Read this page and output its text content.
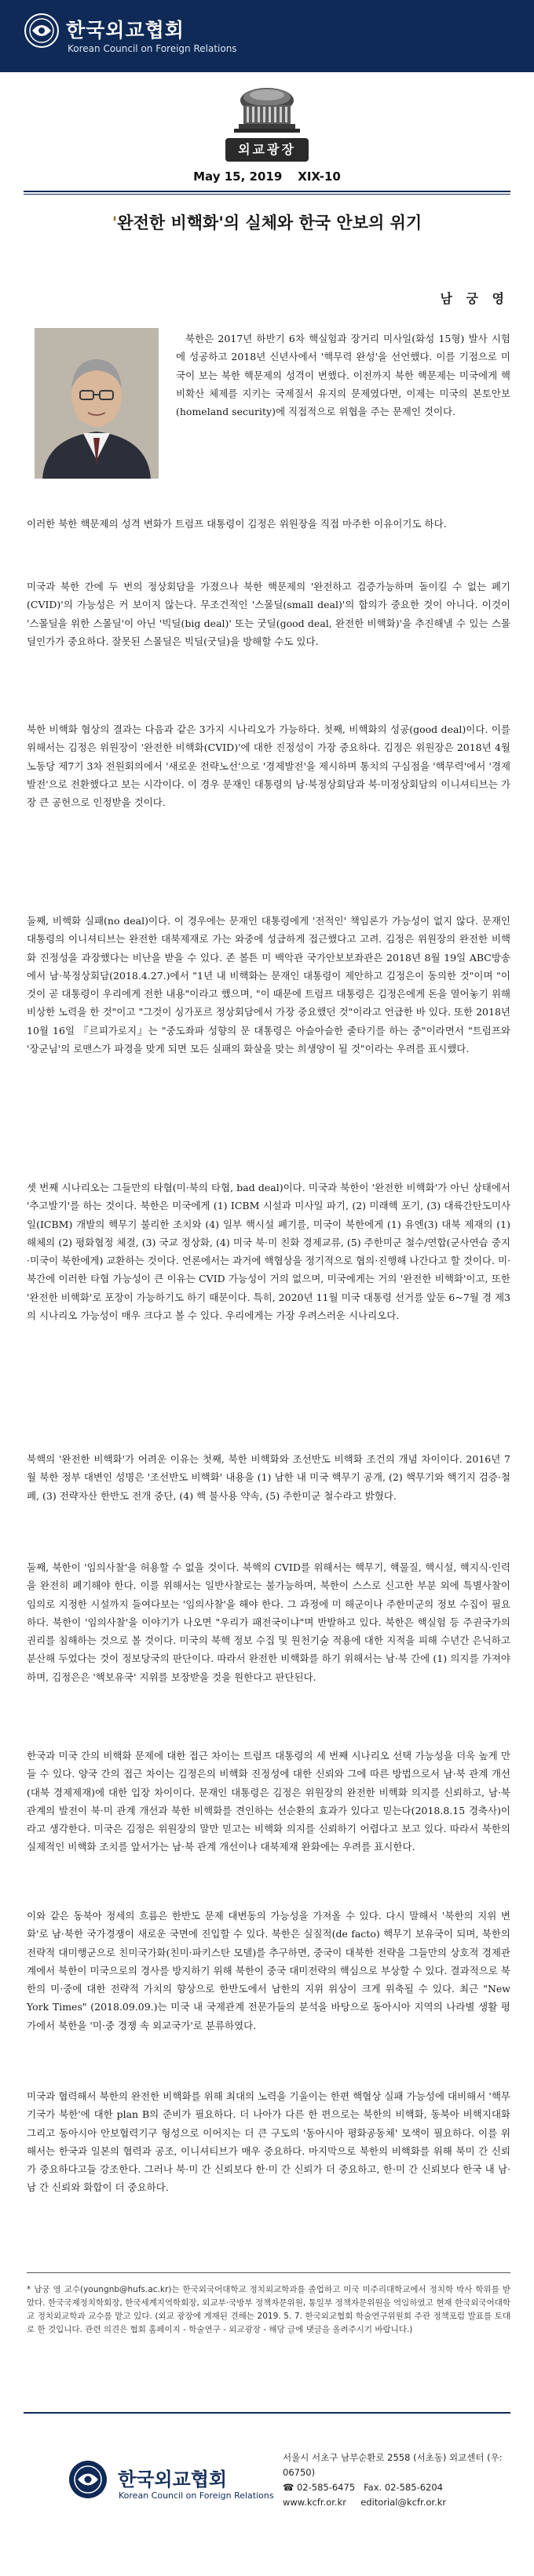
한국외교협회
Korean Council on Foreign Relations
외교광장
May 15, 2019 XIX-10
'완전한 비핵화'의 실체와 한국 안보의 위기
남 궁 영

북한은 2017년 하반기 6차 핵실험과 장거리 미사일(화성 15형) 발사 시험에 성공하고 2018년 신년사에서 '핵무력 완성'을 선언했다. 이를 기점으로 미국이 보는 북한 핵문제의 성격이 변했다. 이전까지 북한 핵문제는 미국에게 핵비확산 체제를 지키는 국제질서 유지의 문제였다면, 이제는 미국의 본토안보(homeland security)에 직접적으로 위협을 주는 문제인 것이다.

이러한 북한 핵문제의 성격 변화가 트럼프 대통령이 김정은 위원장을 직접 마주한 이유이기도 하다.

미국과 북한 간에 두 번의 정상회담을 가졌으나 북한 핵문제의 '완전하고 검증가능하며 돌이킬 수 없는 폐기(CVID)'의 가능성은 커 보이지 않는다. 무조건적인 '스몰딜(small deal)'의 합의가 중요한 것이 아니다. 이것이 '스몰딜을 위한 스몰딜'이 아닌 '빅딜(big deal)' 또는 굿딜(good deal, 완전한 비핵화)'을 추진해낼 수 있는 스몰딜인가가 중요하다. 잘못된 스몰딜은 빅딜(굿딜)을 방해할 수도 있다.

북한 비핵화 협상의 결과는 다음과 같은 3가지 시나리오가 가능하다. 첫째, 비핵화의 성공(good deal)이다. 이를 위해서는 김정은 위원장이 '완전한 비핵화(CVID)'에 대한 진정성이 가장 중요하다. 김정은 위원장은 2018년 4월 노동당 제7기 3차 전원회의에서 '새로운 전략노선'으로 '경제발전'을 제시하며 통치의 구심점을 '핵무력'에서 '경제발전'으로 전환했다고 보는 시각이다. 이 경우 문재인 대통령의 남·북정상회담과 북·미정상회담의 이니셔티브는 가장 큰 공헌으로 인정받을 것이다.

둘째, 비핵화 실패(no deal)이다. 이 경우에는 문재인 대통령에게 '전적인' 책임론가 가능성이 없지 않다. 문재인 대통령의 이니셔티브는 완전한 대북제재로 가는 와중에 성급하게 접근했다고 고려. 김정은 위원장의 완전한 비핵화 진정성을 과장했다는 비난을 받을 수 있다. 존 볼튼 미 백악관 국가안보보좌관은 2018년 8월 19일 ABC방송에서 남·북정상회담(2018.4.27.)에서 "1년 내 비핵화는 문재인 대통령이 제안하고 김정은이 동의한 것"이며 "이것이 곧 대통령이 우리에게 전한 내용"이라고 했으며, "이 때문에 트럼프 대통령은 김정은에게 돈을 열어놓기 위해 비상한 노력을 한 것"이고 "그것이 싱가포르 정상회담에서 가장 중요했던 것"이라고 언급한 바 있다. 또한 2018년 10월 16일 『르피가로지』는 "중도좌파 성향의 문 대통령은 아슬아슬한 줄타기를 하는 중"이라면서 "트럼프와 '장군님'의 로맨스가 파경을 맞게 되면 모든 실패의 화살을 맞는 희생양이 될 것"이라는 우려를 표시했다.

셋 번째 시나리오는 그들만의 타협(미·북의 타협, bad deal)이다. 미국과 북한이 '완전한 비핵화'가 아닌 상태에서 '추고발기'를 하는 것이다. 북한은 미국에게 (1) ICBM 시설과 미사일 파기, (2) 미래핵 포기, (3) 대륙간탄도미사일(ICBM) 개발의 핵무기 불리한 조치와 (4) 일부 핵시설 폐기를, 미국이 북한에게 (1) 유엔(3) 대북 제재의 (1) 해체의 (2) 평화협정 체결, (3) 국교 정상화, (4) 미국 북·미 친화 경제교류, (5) 주한미군 철수/연합(군사연습 중지·미국이 북한에게) 교환하는 것이다. 언론에서는 과거에 핵협상을 정기적으로 협의·진행해 나간다고 할 것이다. 미·북간에 이러한 타협 가능성이 큰 이유는 CVID 가능성이 거의 없으며, 미국에게는 거의 '완전한 비핵화'이고, 또한 '완전한 비핵화'로 포장이 가능하기도 하기 때문이다. 특히, 2020년 11월 미국 대통령 선거를 앞둔 6~7월 경 제3의 시나리오 가능성이 매우 크다고 볼 수 있다. 우리에게는 가장 우려스러운 시나리오다.

북핵의 '완전한 비핵화'가 어려운 이유는 첫째, 북한 비핵화와 조선반도 비핵화 조건의 개념 차이이다. 2016년 7월 북한 정부 대변인 성명은 '조선반도 비핵화' 내용을 (1) 남한 내 미국 핵무기 공개, (2) 핵무기와 핵기지 검증·철폐, (3) 전략자산 한반도 전개 중단, (4) 핵 불사용 약속, (5) 주한미군 철수라고 밝혔다.

둘째, 북한이 '임의사찰'을 허용할 수 없을 것이다. 북핵의 CVID를 위해서는 핵무기, 핵물질, 핵시설, 핵지식·인력을 완전히 폐기해야 한다. 이를 위해서는 일반사찰로는 불가능하며, 북한이 스스로 신고한 부분 외에 특별사찰이 임의로 지정한 시설까지 들여다보는 '임의사찰'을 해야 한다. 그 과정에 미 해군이나 주한미군의 정보 수집이 필요하다. 북한이 '임의사찰'을 이야기가 나오면 "우리가 패전국이냐"며 반발하고 있다. 북한은 핵실험 등 주권국가의 권리를 침해하는 것으로 볼 것이다. 미국의 북핵 정보 수집 및 원천기술 적용에 대한 지적을 피해 수년간 은닉하고 분산해 두었다는 것이 정보당국의 판단이다. 따라서 완전한 비핵화를 하기 위해서는 남·북 간에 (1) 의지를 가져야 하며, 김정은은 '핵보유국' 지위를 보장받을 것을 원한다고 판단된다.

한국과 미국 간의 비핵화 문제에 대한 접근 차이는 트럼프 대통령의 세 번째 시나리오 선택 가능성을 더욱 높게 만들 수 있다. 양국 간의 접근 차이는 김정은의 비핵화 진정성에 대한 신뢰와 그에 따른 방법으로서 남·북 관계 개선(대북 경제제재)에 대한 입장 차이이다. 문재인 대통령은 김정은 위원장의 완전한 비핵화 의지를 신뢰하고, 남·북 관계의 발전이 북·미 관계 개선과 북한 비핵화를 견인하는 선순환의 효과가 있다고 믿는다(2018.8.15 경축사)이라고 생각한다. 미국은 김정은 위원장의 말만 믿고는 비핵화 의지를 신뢰하기 어렵다고 보고 있다. 따라서 북한의 실제적인 비핵화 조치를 앞서가는 남·북 관계 개선이나 대북제재 완화에는 우려를 표시한다.

이와 같은 동북아 정세의 흐름은 한반도 문제 대변동의 가능성을 가져올 수 있다. 다시 말해서 '북한의 지위 변화'로 남·북한 국가경쟁이 새로운 국면에 진입할 수 있다. 북한은 실질적(de facto) 핵무기 보유국이 되며, 북한의 전략적 대미행군으로 친미국가화(친미·파키스탄 모델)를 추구하면, 중국이 대북한 전략을 그들만의 상호적 경제관계에서 북한이 미국으로의 경사를 방지하기 위해 북한이 중국 대미전략의 핵심으로 부상할 수 있다. 결과적으로 북한의 미·중에 대한 전략적 가치의 향상으로 한반도에서 남한의 지위 위상이 크게 위축될 수 있다. 최근 "New York Times" (2018.09.09.)는 미국 내 국제관계 전문가들의 분석을 바탕으로 동아시아 지역의 나라별 생활 평가에서 북한을 '미·중 경쟁 속 외교국가'로 분류하였다.

미국과 협력해서 북한의 완전한 비핵화를 위해 최대의 노력을 기울이는 한편 핵협상 실패 가능성에 대비해서 '핵무기국가 북한'에 대한 plan B의 준비가 필요하다. 더 나아가 다른 한 편으로는 북한의 비핵화, 동북아 비핵지대화 그리고 동아시아 안보협력기구 형성으로 이어지는 더 큰 구도의 '동아시아 평화공동체' 모색이 필요하다. 이를 위해서는 한국과 일본의 협력과 공조, 이니셔티브가 매우 중요하다. 마지막으로 북한의 비핵화를 위해 북미 간 신뢰가 중요하다고들 강조한다. 그러나 북·미 간 신뢰보다 한·미 간 신뢰가 더 중요하고, 한·미 간 신뢰보다 한국 내 남·남 간 신뢰와 화합이 더 중요하다.

* 남궁 영 교수(youngnb@hufs.ac.kr)는 한국외국어대학교 정치외교학과를 졸업하고 미국 미주리대학교에서 정치학 박사 학위를 받았다. 한국국제정치학회장, 한국세계지역학회장, 외교부·국방부 정책자문위원, 통일부 정책자문위원을 역임하였고 현재 한국외국어대학교 정치외교학과 교수를 맡고 있다. (외교 광장에 게재된 견해는 2019. 5. 7. 한국외교협회 학술연구위원회 주관 정책포럼 발표를 토대로 한 것입니다. 관련 의견은 협회 홈페이지 - 학술연구 - 외교광장 - 해당 글에 댓글을 올려주시기 바랍니다.)
한국외교협회
Korean Council on Foreign Relations
서울시 서초구 남부순환로 2558 (서초동) 외교센터 (우: 06750)
☎ 02-585-6475 Fax. 02-585-6204
www.kcfr.or.kr editorial@kcfr.or.kr
